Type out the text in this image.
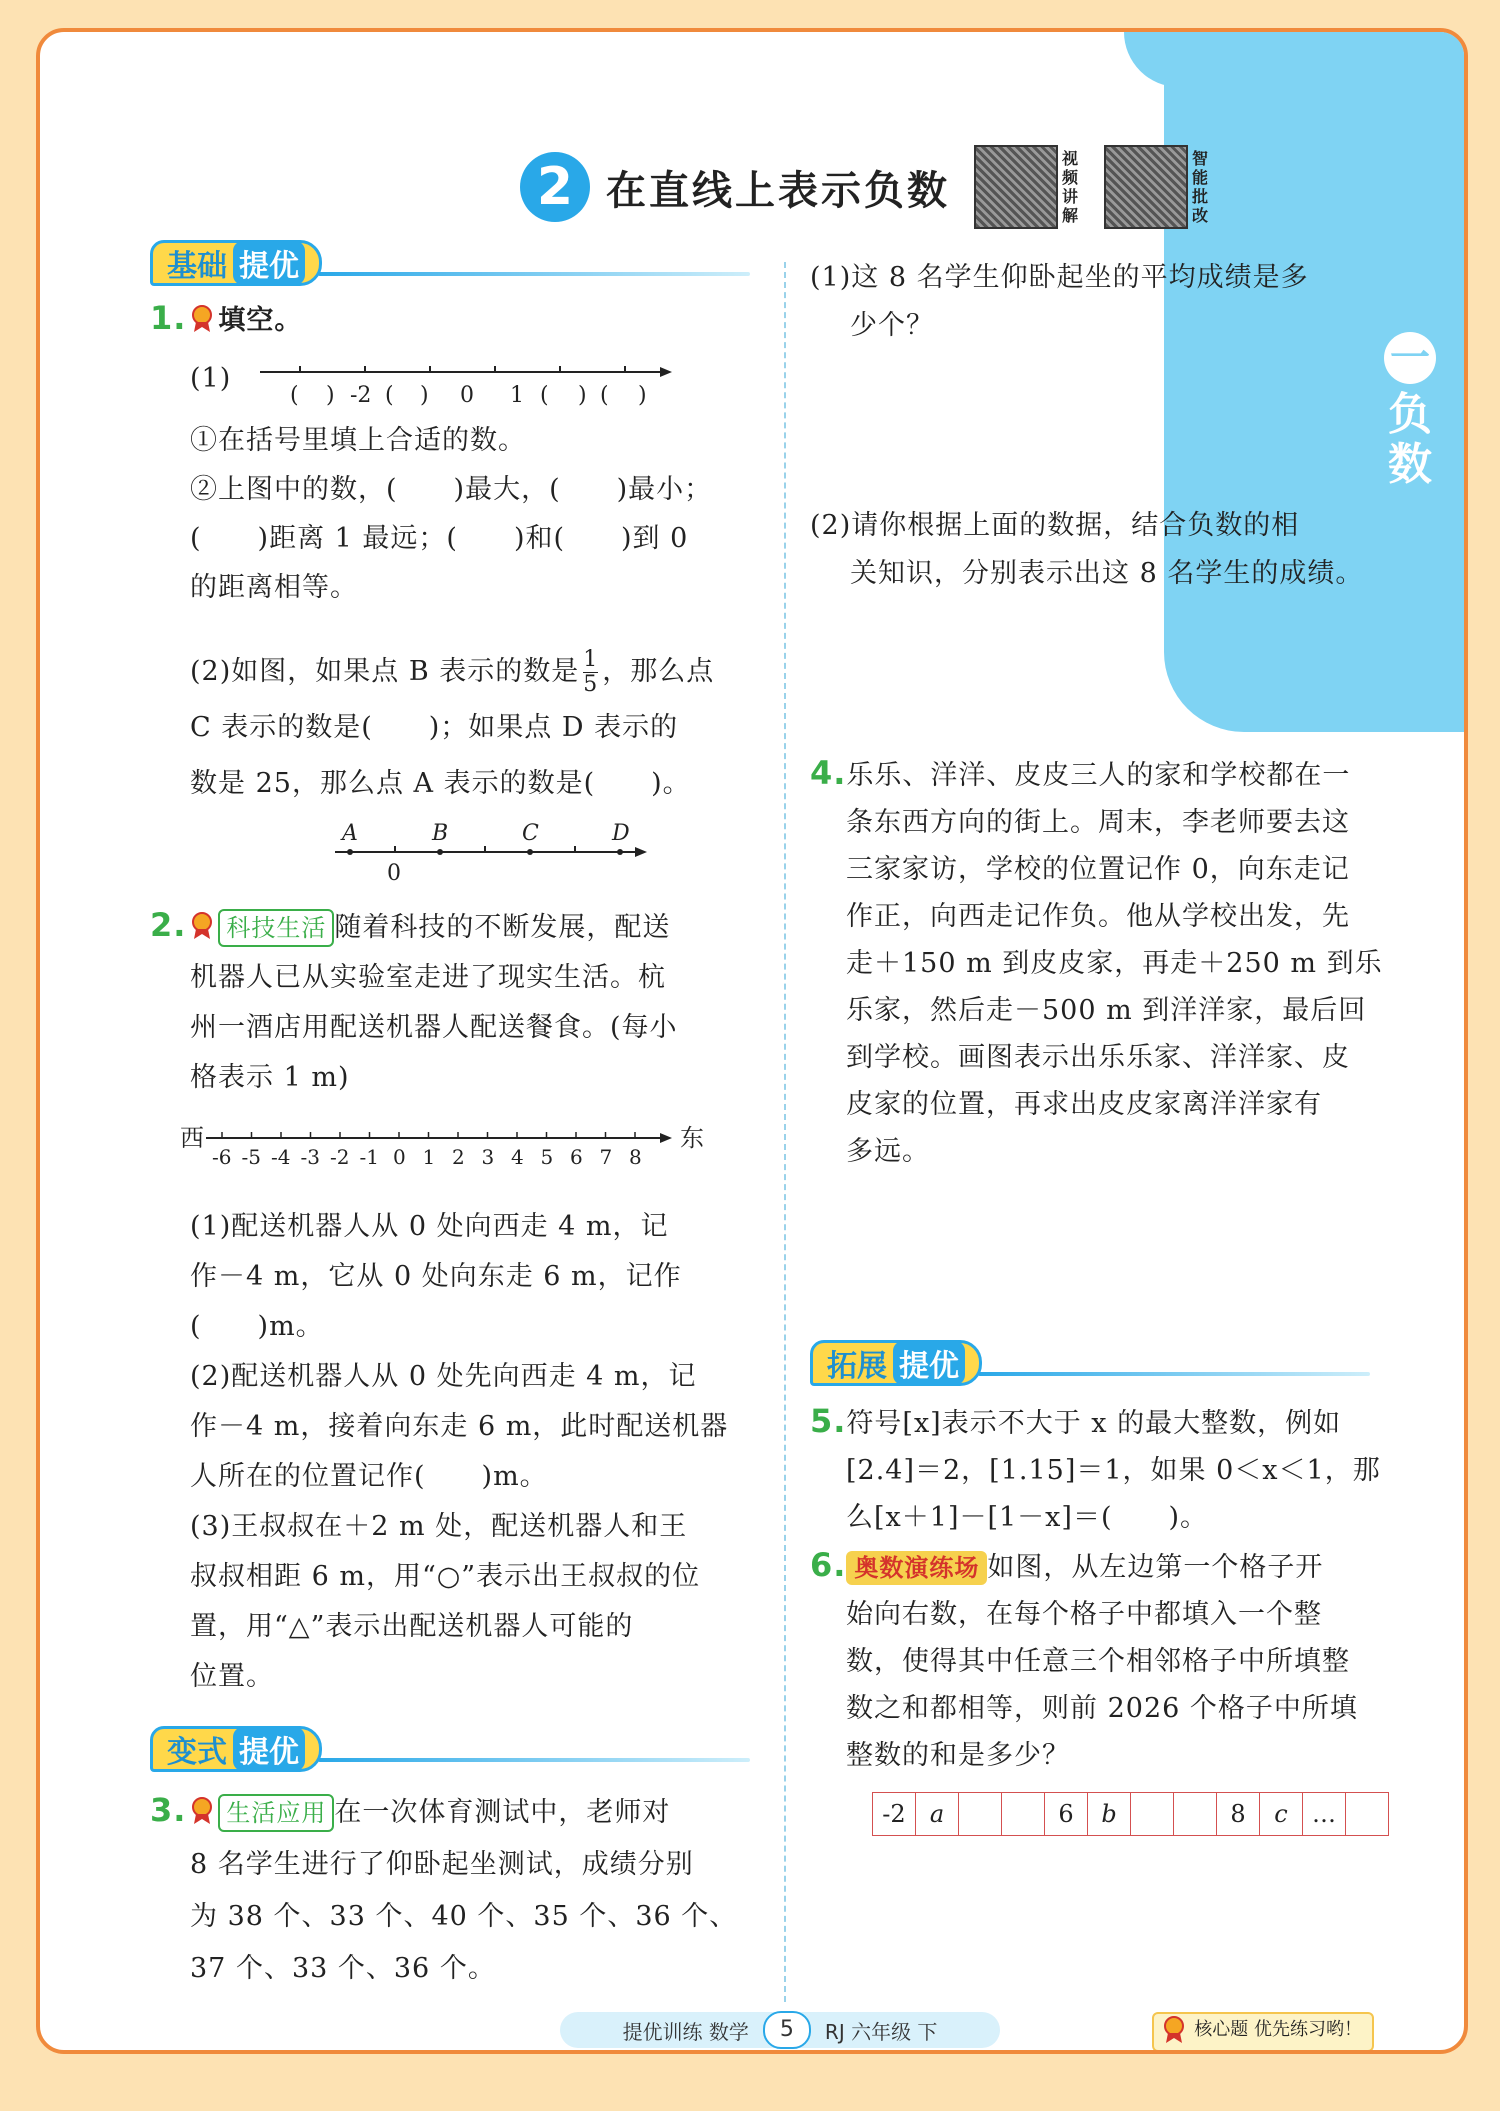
一
负数
2 在直线上表示负数
视频讲解
智能批改
基础 提优

1. 填空。

(1)
( ) -2 ( ) 0 1 ( ) ( )

①在括号里填上合适的数。

②上图中的数，(　　)最大，(　　)最小；

(　　)距离 1 最远；(　　)和(　　)到 0

的距离相等。

(2)如图，如果点 B 表示的数是 $\frac{1}{5}$ ，那么点

C 表示的数是(　　)；如果点 D 表示的

数是 25，那么点 A 表示的数是(　　)。

A	B	C	D
0

2. 科技生活 随着科技的不断发展，配送

机器人已从实验室走进了现实生活。杭

州一酒店用配送机器人配送餐食。(每小

格表示 1 m)

西	东
-6 -5 -4 -3 -2 -1 0 1 2 3 4 5 6 7 8

(1)配送机器人从 0 处向西走 4 m，记

作－4 m，它从 0 处向东走 6 m，记作

(　　)m。

(2)配送机器人从 0 处先向西走 4 m，记

作－4 m，接着向东走 6 m，此时配送机器

人所在的位置记作(　　)m。

(3)王叔叔在＋2 m 处，配送机器人和王

叔叔相距 6 m，用“○”表示出王叔叔的位

置，用“△”表示出配送机器人可能的

位置。

变式 提优

3. 生活应用 在一次体育测试中，老师对

8 名学生进行了仰卧起坐测试，成绩分别

为 38 个、33 个、40 个、35 个、36 个、

37 个、33 个、36 个。

(1)这 8 名学生仰卧起坐的平均成绩是多

少个？

(2)请你根据上面的数据，结合负数的相

关知识，分别表示出这 8 名学生的成绩。

4.乐乐、洋洋、皮皮三人的家和学校都在一

条东西方向的街上。周末，李老师要去这

三家家访，学校的位置记作 0，向东走记

作正，向西走记作负。他从学校出发，先

走＋150 m 到皮皮家，再走＋250 m 到乐

乐家，然后走－500 m 到洋洋家，最后回

到学校。画图表示出乐乐家、洋洋家、皮

皮家的位置，再求出皮皮家离洋洋家有

多远。

拓展 提优

5.符号[x]表示不大于 x 的最大整数，例如

[2.4]＝2，[1.15]＝1，如果 0＜x＜1，那

么[x＋1]－[1－x]＝(　　)。

6. 奥数演练场 如图，从左边第一个格子开

始向右数，在每个格子中都填入一个整

数，使得其中任意三个相邻格子中所填整

数之和都相等，则前 2026 个格子中所填

整数的和是多少？

-2	a			6	b			8	c	…	
提优训练 数学	5	RJ 六年级 下	核心题 优先练习哟！
